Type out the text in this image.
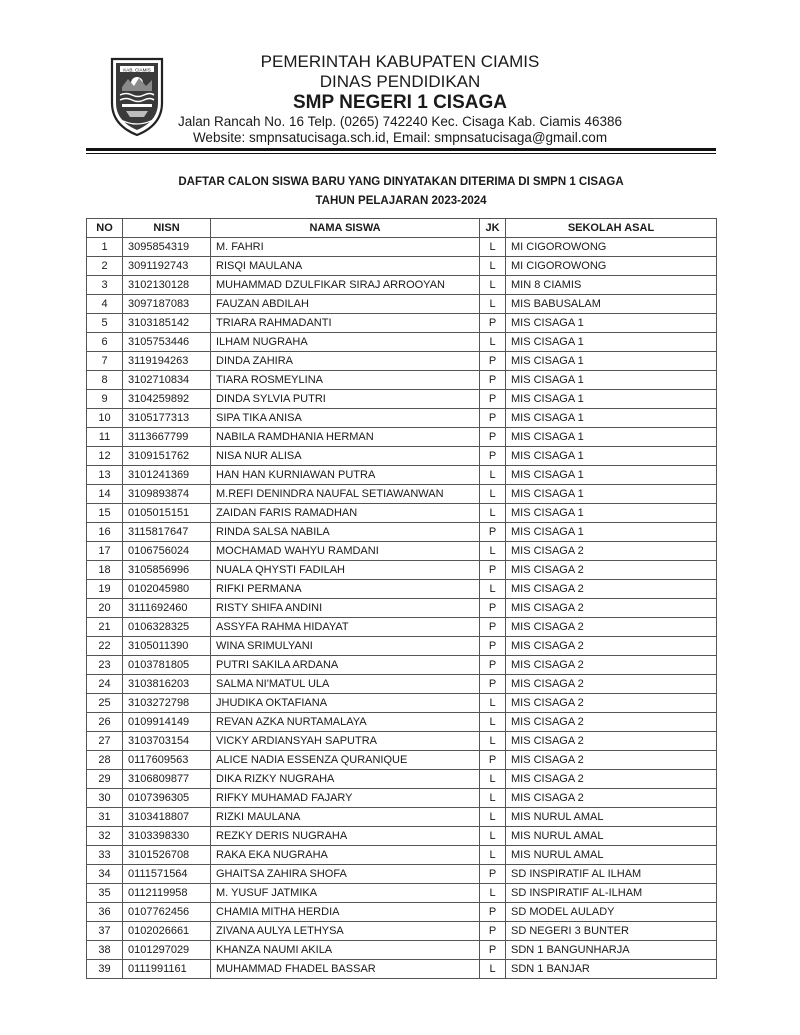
KAB. CIAMIS	PEMERINTAH KABUPATEN CIAMIS
DINAS PENDIDIKAN
SMP NEGERI 1 CISAGA
Jalan Rancah No. 16 Telp. (0265) 742240 Kec. Cisaga Kab. Ciamis 46386
Website: smpnsatucisaga.sch.id, Email: smpnsatucisaga@gmail.com
DAFTAR CALON SISWA BARU YANG DINYATAKAN DITERIMA DI SMPN 1 CISAGA
TAHUN PELAJARAN 2023-2024
NO	NISN	NAMA SISWA	JK	SEKOLAH ASAL
1	3095854319	M. FAHRI	L	MI CIGOROWONG
2	3091192743	RISQI MAULANA	L	MI CIGOROWONG
3	3102130128	MUHAMMAD DZULFIKAR SIRAJ ARROOYAN	L	MIN 8 CIAMIS
4	3097187083	FAUZAN ABDILAH	L	MIS BABUSALAM
5	3103185142	TRIARA RAHMADANTI	P	MIS CISAGA 1
6	3105753446	ILHAM NUGRAHA	L	MIS CISAGA 1
7	3119194263	DINDA ZAHIRA	P	MIS CISAGA 1
8	3102710834	TIARA ROSMEYLINA	P	MIS CISAGA 1
9	3104259892	DINDA SYLVIA PUTRI	P	MIS CISAGA 1
10	3105177313	SIPA TIKA ANISA	P	MIS CISAGA 1
11	3113667799	NABILA RAMDHANIA HERMAN	P	MIS CISAGA 1
12	3109151762	NISA NUR ALISA	P	MIS CISAGA 1
13	3101241369	HAN HAN KURNIAWAN PUTRA	L	MIS CISAGA 1
14	3109893874	M.REFI DENINDRA NAUFAL SETIAWANWAN	L	MIS CISAGA 1
15	0105015151	ZAIDAN FARIS RAMADHAN	L	MIS CISAGA 1
16	3115817647	RINDA SALSA NABILA	P	MIS CISAGA 1
17	0106756024	MOCHAMAD WAHYU RAMDANI	L	MIS CISAGA 2
18	3105856996	NUALA QHYSTI FADILAH	P	MIS CISAGA 2
19	0102045980	RIFKI PERMANA	L	MIS CISAGA 2
20	3111692460	RISTY SHIFA ANDINI	P	MIS CISAGA 2
21	0106328325	ASSYFA RAHMA HIDAYAT	P	MIS CISAGA 2
22	3105011390	WINA SRIMULYANI	P	MIS CISAGA 2
23	0103781805	PUTRI SAKILA ARDANA	P	MIS CISAGA 2
24	3103816203	SALMA NI'MATUL ULA	P	MIS CISAGA 2
25	3103272798	JHUDIKA OKTAFIANA	L	MIS CISAGA 2
26	0109914149	REVAN AZKA NURTAMALAYA	L	MIS CISAGA 2
27	3103703154	VICKY ARDIANSYAH SAPUTRA	L	MIS CISAGA 2
28	0117609563	ALICE NADIA ESSENZA QURANIQUE	P	MIS CISAGA 2
29	3106809877	DIKA RIZKY NUGRAHA	L	MIS CISAGA 2
30	0107396305	RIFKY MUHAMAD FAJARY	L	MIS CISAGA 2
31	3103418807	RIZKI MAULANA	L	MIS NURUL AMAL
32	3103398330	REZKY DERIS NUGRAHA	L	MIS NURUL AMAL
33	3101526708	RAKA EKA NUGRAHA	L	MIS NURUL AMAL
34	0111571564	GHAITSA ZAHIRA SHOFA	P	SD INSPIRATIF AL ILHAM
35	0112119958	M. YUSUF JATMIKA	L	SD INSPIRATIF AL-ILHAM
36	0107762456	CHAMIA MITHA HERDIA	P	SD MODEL AULADY
37	0102026661	ZIVANA AULYA LETHYSA	P	SD NEGERI 3 BUNTER
38	0101297029	KHANZA NAUMI AKILA	P	SDN 1 BANGUNHARJA
39	0111991161	MUHAMMAD FHADEL BASSAR	L	SDN 1 BANJAR
